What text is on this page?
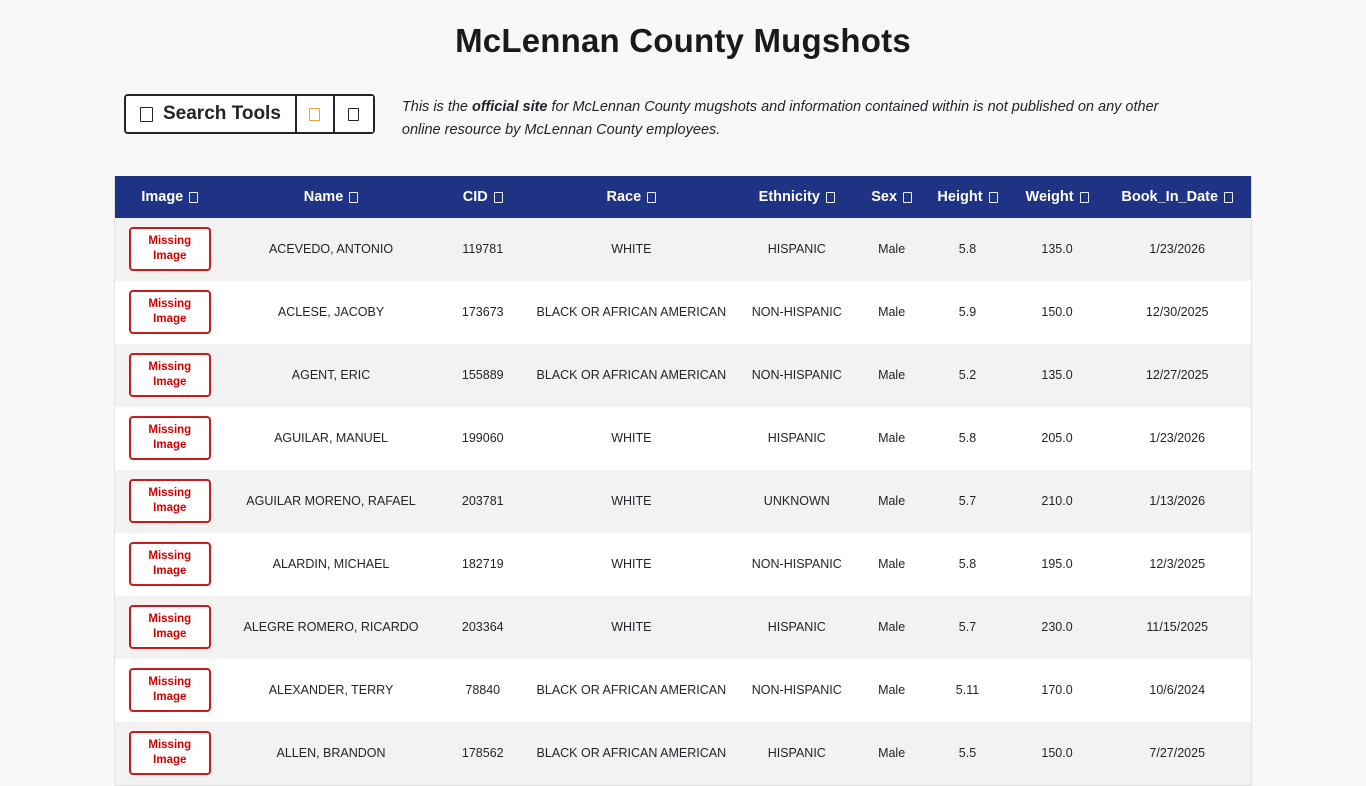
McLennan County Mugshots
Search Tools	This is the official site for McLennan County mugshots and information contained within is not published on any other online resource by McLennan County employees.
Image	Name	CID	Race	Ethnicity	Sex	Height	Weight	Book_In_Date

Missing
Image	ACEVEDO, ANTONIO	119781	WHITE	HISPANIC	Male	5.8	135.0	1/23/2026

Missing
Image	ACLESE, JACOBY	173673	BLACK OR AFRICAN AMERICAN	NON-HISPANIC	Male	5.9	150.0	12/30/2025

Missing
Image	AGENT, ERIC	155889	BLACK OR AFRICAN AMERICAN	NON-HISPANIC	Male	5.2	135.0	12/27/2025

Missing
Image	AGUILAR, MANUEL	199060	WHITE	HISPANIC	Male	5.8	205.0	1/23/2026

Missing
Image	AGUILAR MORENO, RAFAEL	203781	WHITE	UNKNOWN	Male	5.7	210.0	1/13/2026

Missing
Image	ALARDIN, MICHAEL	182719	WHITE	NON-HISPANIC	Male	5.8	195.0	12/3/2025

Missing
Image	ALEGRE ROMERO, RICARDO	203364	WHITE	HISPANIC	Male	5.7	230.0	11/15/2025

Missing
Image	ALEXANDER, TERRY	78840	BLACK OR AFRICAN AMERICAN	NON-HISPANIC	Male	5.11	170.0	10/6/2024

Missing
Image	ALLEN, BRANDON	178562	BLACK OR AFRICAN AMERICAN	HISPANIC	Male	5.5	150.0	7/27/2025
